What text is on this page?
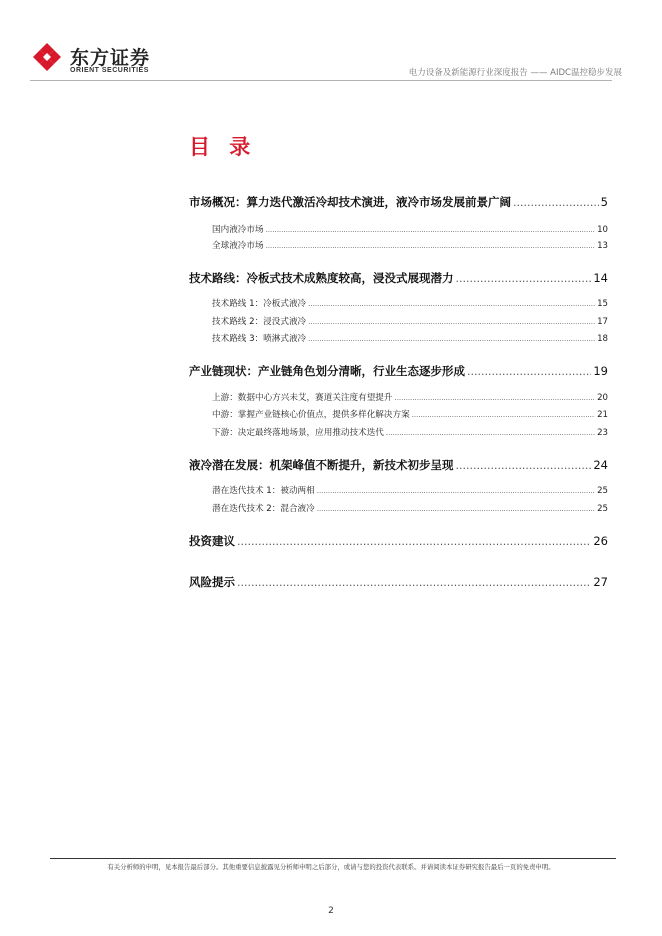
东方证券
ORIENT SECURITIES	电力设备及新能源行业深度报告 —— AIDC温控稳步发展
目 录
市场概况：算力迭代激活冷却技术演进，液冷市场发展前景广阔 .....	5
国内液冷市场 .....	10
全球液冷市场 .....	13
技术路线：冷板式技术成熟度较高，浸没式展现潜力 .....	14
技术路线 1：冷板式液冷 .....	15
技术路线 2：浸没式液冷 .....	17
技术路线 3：喷淋式液冷 .....	18
产业链现状：产业链角色划分清晰，行业生态逐步形成 .....	19
上游：数据中心方兴未艾，赛道关注度有望提升 .....	20
中游：掌握产业链核心价值点，提供多样化解决方案 .....	21
下游：决定最终落地场景，应用推动技术迭代 .....	23
液冷潜在发展：机架峰值不断提升，新技术初步呈现 .....	24
潜在迭代技术 1：被动两相 .....	25
潜在迭代技术 2：混合液冷 .....	25
投资建议 .....	26
风险提示 .....	27
有关分析师的申明，见本报告最后部分。其他重要信息披露见分析师申明之后部分，或请与您的投资代表联系。并请阅读本证券研究报告最后一页的免责申明。
2
